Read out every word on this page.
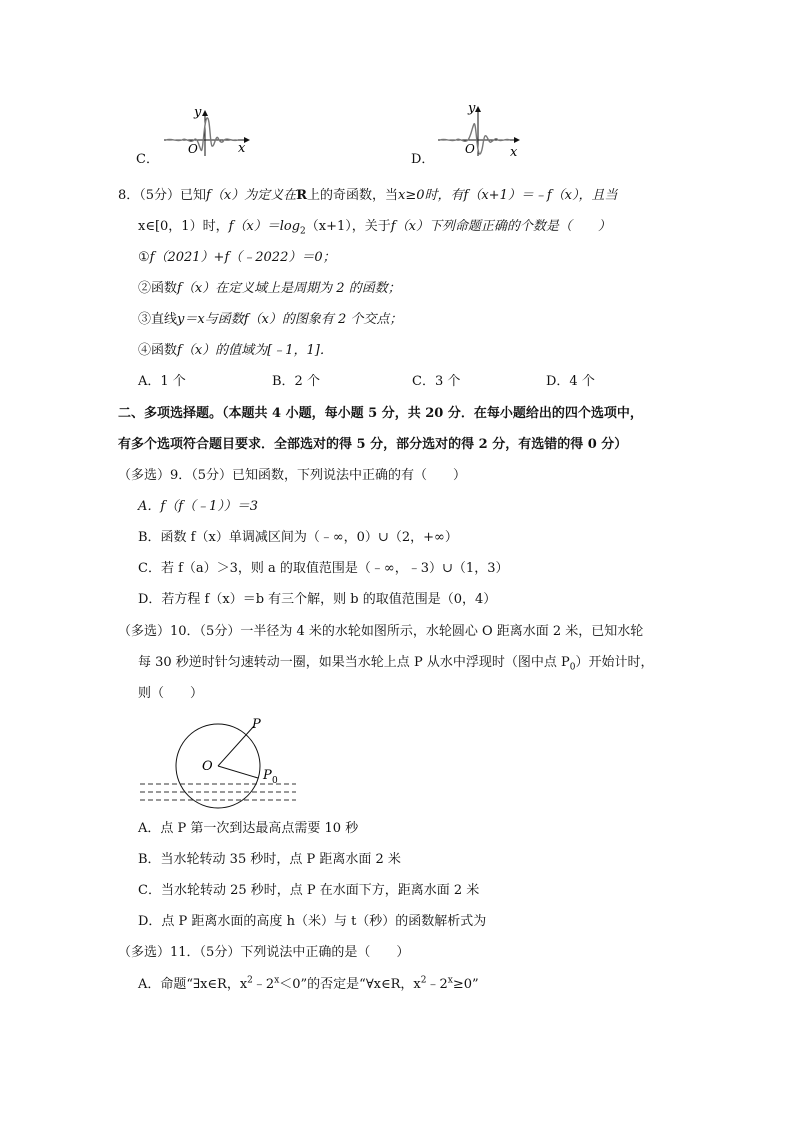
C．
y
O	x
D．
y
O	x
8．（5分）已知f（x）为定义在R上的奇函数，当x≥0时，有f（x+1）＝﹣f（x），且当
x∈[0，1）时，$f(x)=\log_2(x+1)$，关于f（x）下列命题正确的个数是（　　）
①f（2021）+f（﹣2022）＝0；
②函数f（x）在定义域上是周期为 2 的函数；
③直线y＝x与函数f（x）的图象有 2 个交点；
④函数f（x）的值域为[﹣1，1]．
A．1 个	B．2 个	C．3 个	D．4 个
二、多项选择题。（本题共 4 小题，每小题 5 分，共 20 分．在每小题给出的四个选项中，
有多个选项符合题目要求．全部选对的得 5 分，部分选对的得 2 分，有选错的得 0 分）
（多选）9．（5分）已知函数，下列说法中正确的有（　　）
A．f（f（﹣1））＝3
B．函数 f（x）单调减区间为（﹣∞，0）∪（2，+∞）
C．若 f（a）＞3，则 a 的取值范围是（﹣∞，﹣3）∪（1，3）
D．若方程 f（x）＝b 有三个解，则 b 的取值范围是（0，4）
（多选）10．（5分）一半径为 4 米的水轮如图所示，水轮圆心 O 距离水面 2 米，已知水轮
每 30 秒逆时针匀速转动一圈，如果当水轮上点 P 从水中浮现时（图中点 $P_0$）开始计时，
则（　　）
P
O
P 0
A．点 P 第一次到达最高点需要 10 秒
B．当水轮转动 35 秒时，点 P 距离水面 2 米
C．当水轮转动 25 秒时，点 P 在水面下方，距离水面 2 米
D．点 P 距离水面的高度 h（米）与 t（秒）的函数解析式为
（多选）11．（5分）下列说法中正确的是（　　）
A．命题“∃x∈R，$x^2﹣2^x<0$”的否定是“∀x∈R，$x^2﹣2^x\ge 0$”
